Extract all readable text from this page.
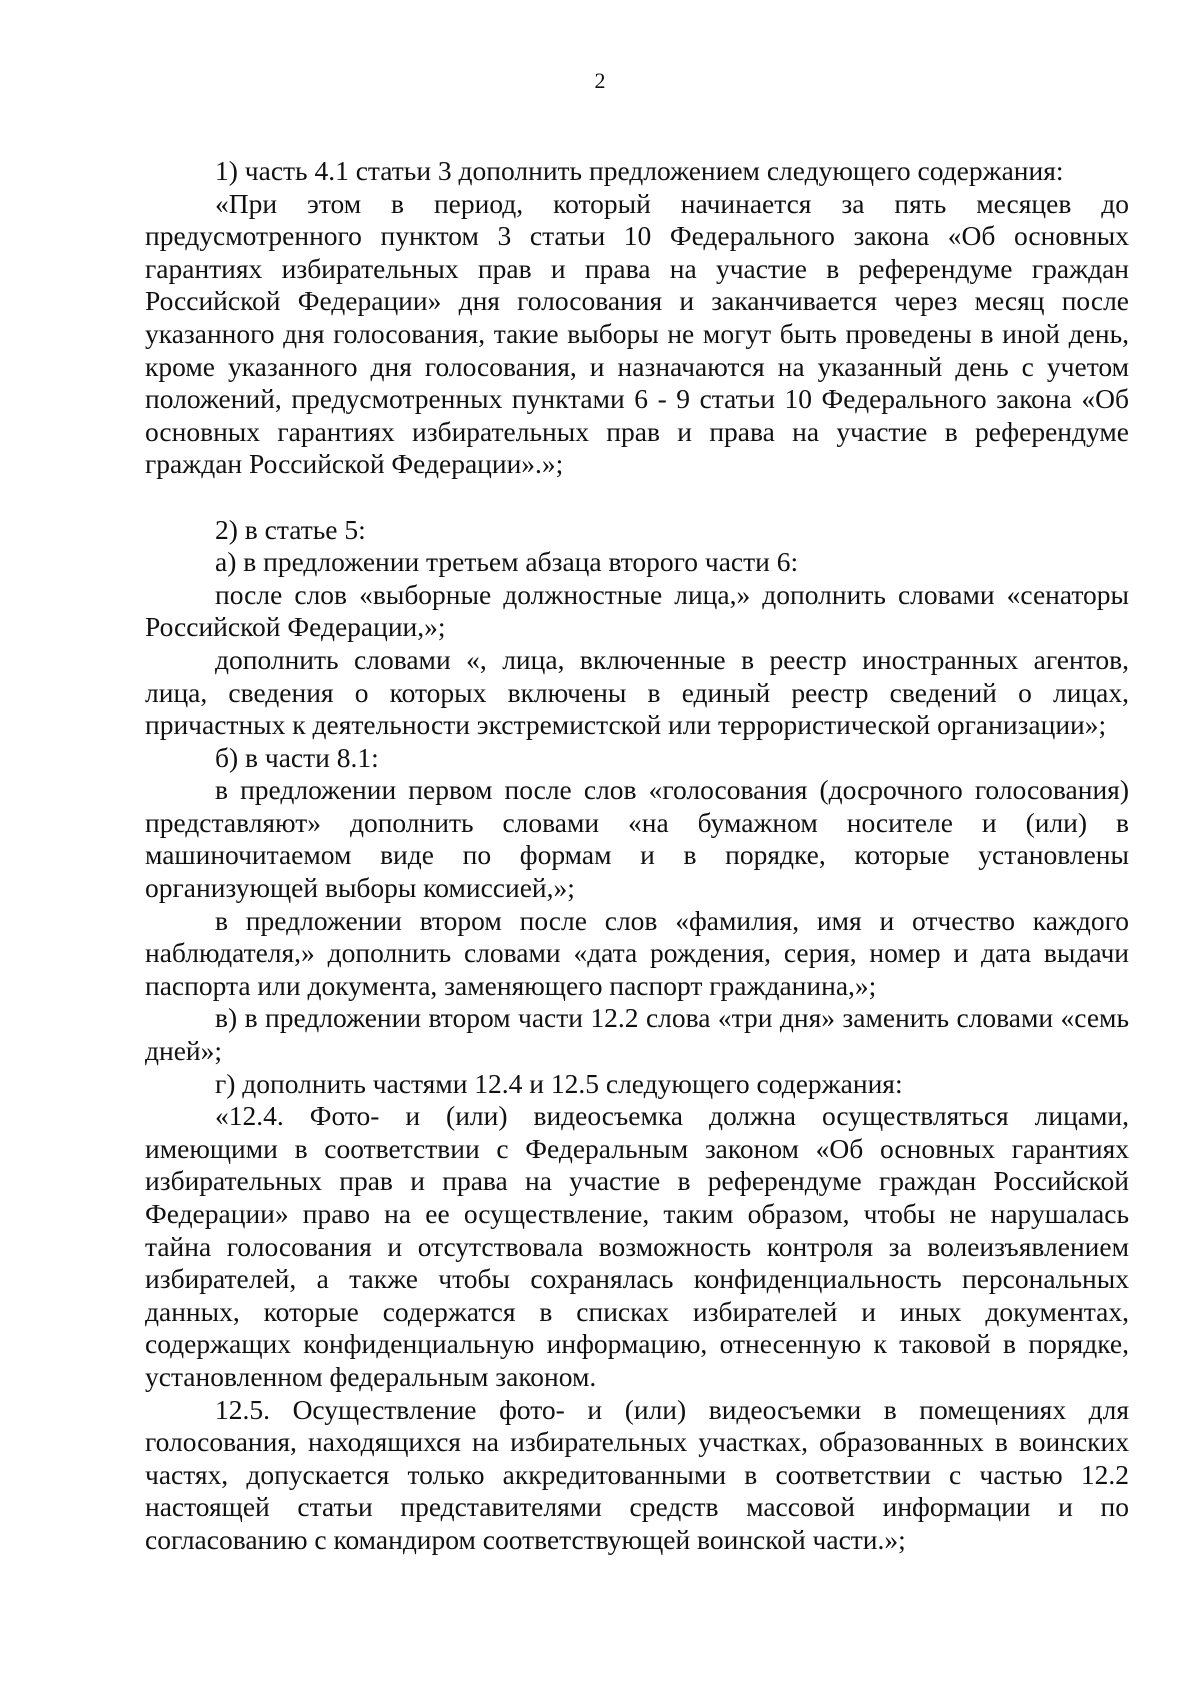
2

1) часть 4.1 статьи 3 дополнить предложением следующего содержания:

«При этом в период, который начинается за пять месяцев до предусмотренного пунктом 3 статьи 10 Федерального закона «Об основных гарантиях избирательных прав и права на участие в референдуме граждан Российской Федерации» дня голосования и заканчивается через месяц после указанного дня голосования, такие выборы не могут быть проведены в иной день, кроме указанного дня голосования, и назначаются на указанный день с учетом положений, предусмотренных пунктами 6 - 9 статьи 10 Федерального закона «Об основных гарантиях избирательных прав и права на участие в референдуме граждан Российской Федерации».»;

2) в статье 5:

а) в предложении третьем абзаца второго части 6:

после слов «выборные должностные лица,» дополнить словами «сенаторы Российской Федерации,»;

дополнить словами «, лица, включенные в реестр иностранных агентов, лица, сведения о которых включены в единый реестр сведений о лицах, причастных к деятельности экстремистской или террористической организации»;

б) в части 8.1:

в предложении первом после слов «голосования (досрочного голосования) представляют» дополнить словами «на бумажном носителе и (или) в машиночитаемом виде по формам и в порядке, которые установлены организующей выборы комиссией,»;

в предложении втором после слов «фамилия, имя и отчество каждого наблюдателя,» дополнить словами «дата рождения, серия, номер и дата выдачи паспорта или документа, заменяющего паспорт гражданина,»;

в) в предложении втором части 12.2 слова «три дня» заменить словами «семь дней»;

г) дополнить частями 12.4 и 12.5 следующего содержания:

«12.4. Фото- и (или) видеосъемка должна осуществляться лицами, имеющими в соответствии с Федеральным законом «Об основных гарантиях избирательных прав и права на участие в референдуме граждан Российской Федерации» право на ее осуществление, таким образом, чтобы не нарушалась тайна голосования и отсутствовала возможность контроля за волеизъявлением избирателей, а также чтобы сохранялась конфиденциальность персональных данных, которые содержатся в списках избирателей и иных документах, содержащих конфиденциальную информацию, отнесенную к таковой в порядке, установленном федеральным законом.

12.5. Осуществление фото- и (или) видеосъемки в помещениях для голосования, находящихся на избирательных участках, образованных в воинских частях, допускается только аккредитованными в соответствии с частью 12.2 настоящей статьи представителями средств массовой информации и по согласованию с командиром соответствующей воинской части.»;
